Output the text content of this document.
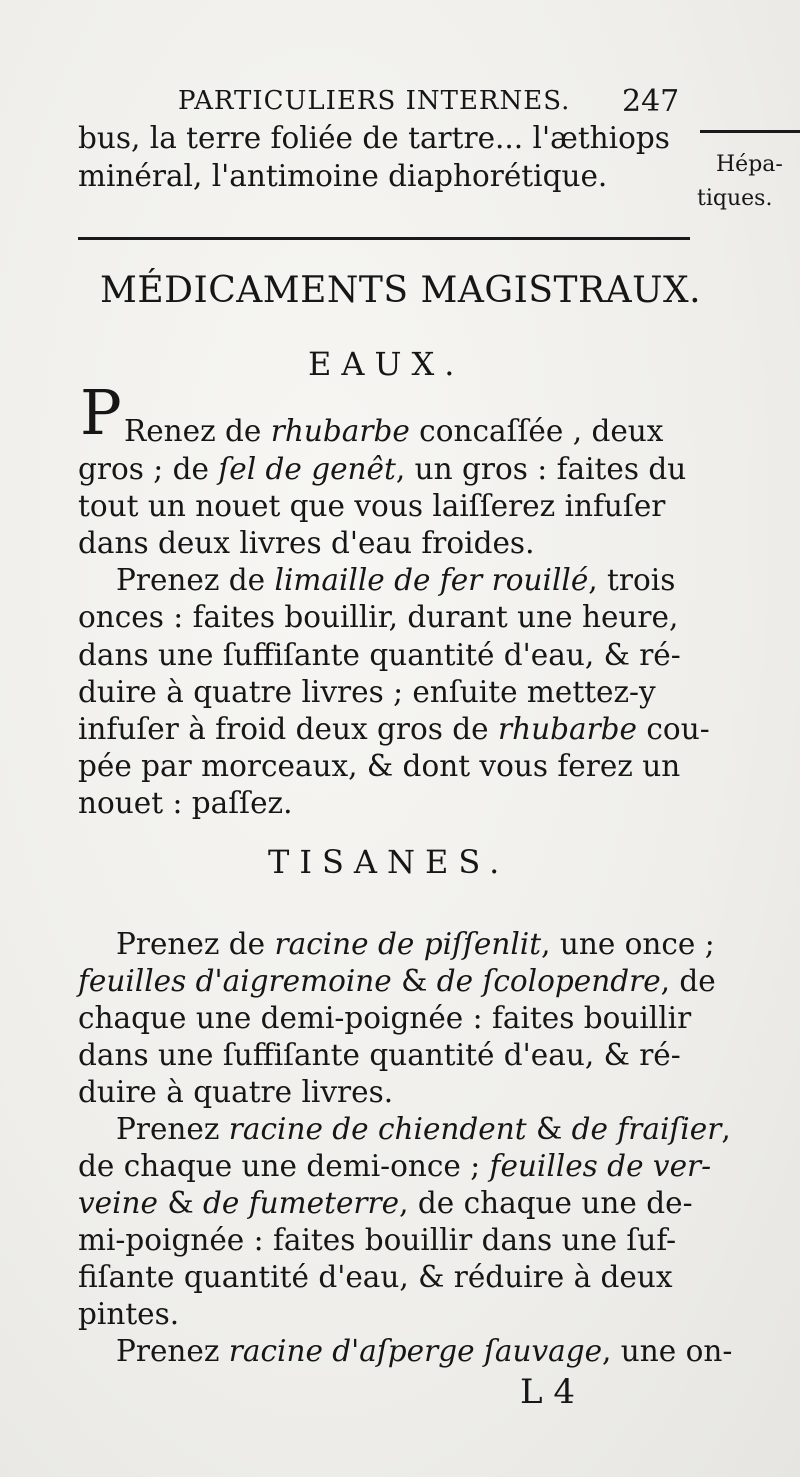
PARTICULIERS INTERNES. 247
bus, la terre foliée de tartre... l'æthiops
minéral, l'antimoine diaphorétique.	Hépa-
tiques.
MÉDICAMENTS MAGISTRAUX.
EAUX.
P Renez de rhubarbe concaſſée , deux
gros ; de ſel de genêt, un gros : faites du
tout un nouet que vous laiſſerez infuſer
dans deux livres d'eau froides.
Prenez de limaille de fer rouillé, trois
onces : faites bouillir, durant une heure,
dans une ſuffiſante quantité d'eau, & ré-
duire à quatre livres ; enſuite mettez-y
infuſer à froid deux gros de rhubarbe cou-
pée par morceaux, & dont vous ferez un
nouet : paſſez.
TISANES.
Prenez de racine de piſſenlit, une once ;
feuilles d'aigremoine & de ſcolopendre, de
chaque une demi-poignée : faites bouillir
dans une ſuffiſante quantité d'eau, & ré-
duire à quatre livres.
Prenez racine de chiendent & de fraiſier,
de chaque une demi-once ; feuilles de ver-
veine & de fumeterre, de chaque une de-
mi-poignée : faites bouillir dans une ſuf-
fiſante quantité d'eau, & réduire à deux
pintes.
Prenez racine d'aſperge ſauvage, une on-
L 4
